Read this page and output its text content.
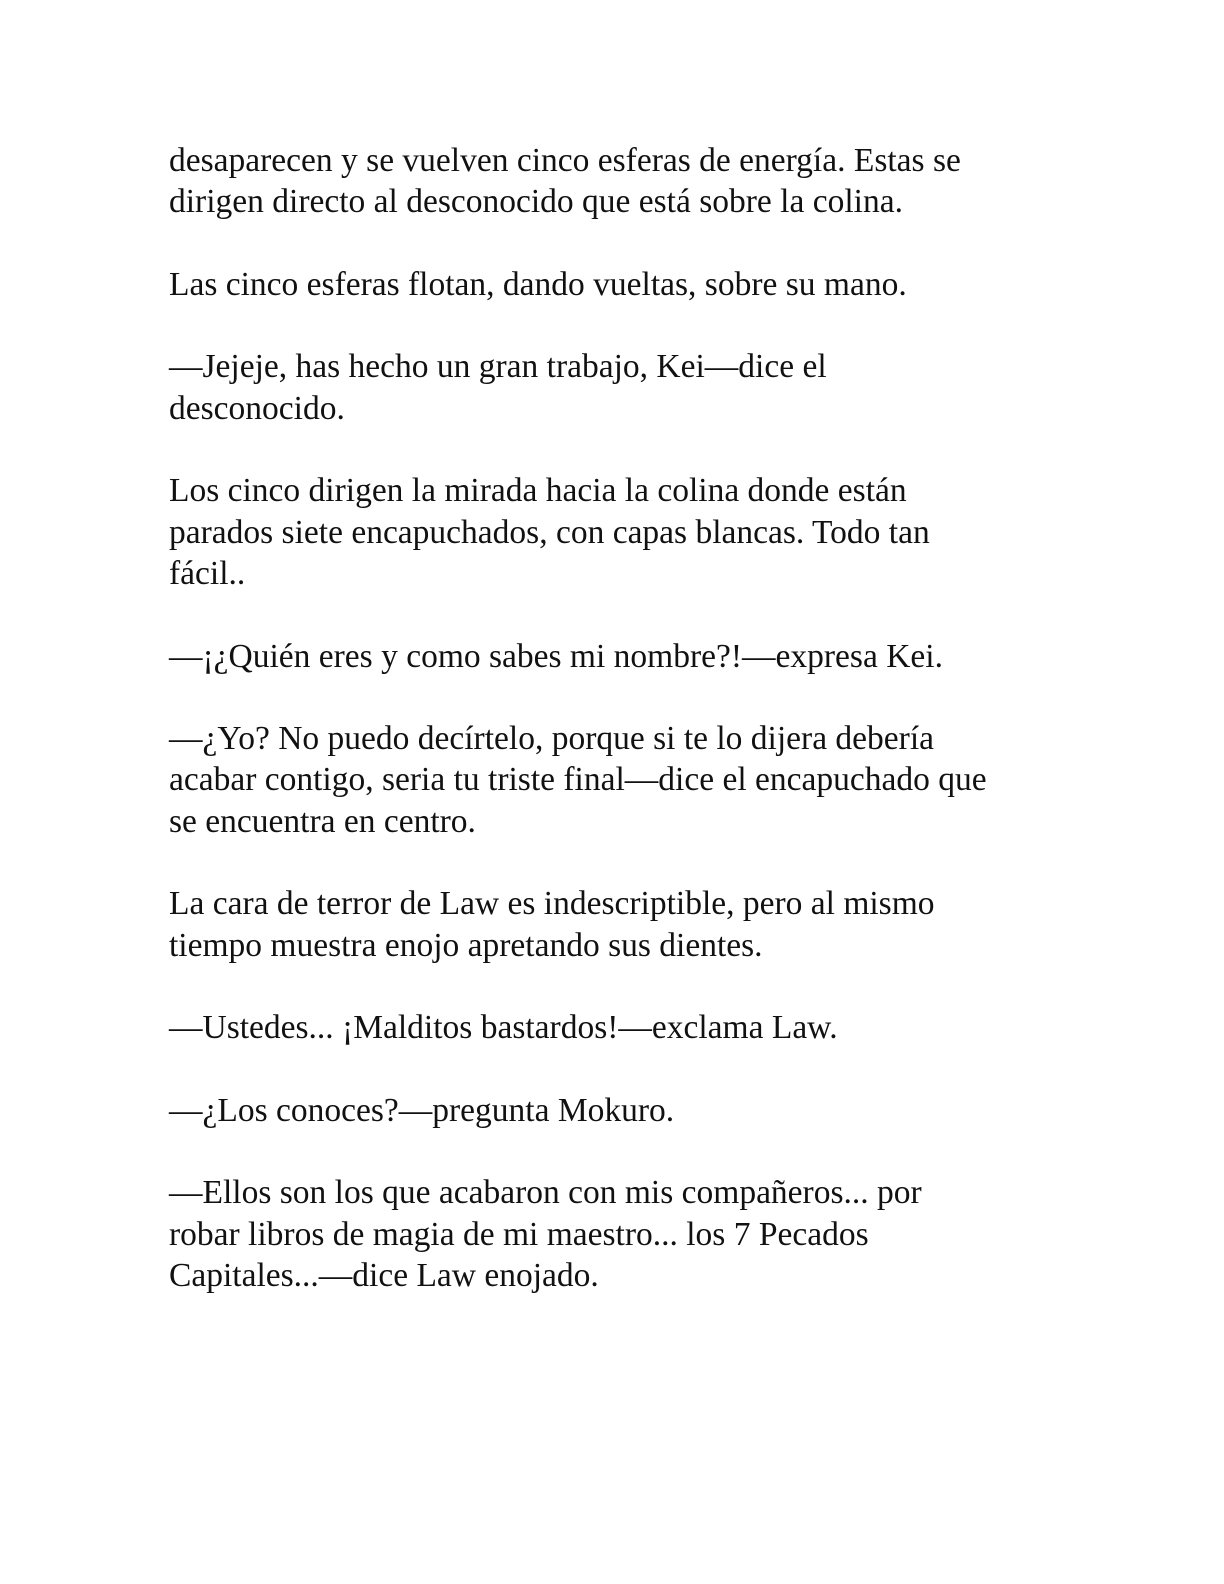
desaparecen y se vuelven cinco esferas de energía. Estas se
dirigen directo al desconocido que está sobre la colina.

Las cinco esferas flotan, dando vueltas, sobre su mano.

—Jejeje, has hecho un gran trabajo, Kei—dice el
desconocido.

Los cinco dirigen la mirada hacia la colina donde están
parados siete encapuchados, con capas blancas. Todo tan
fácil..

—¡¿Quién eres y como sabes mi nombre?!—expresa Kei.

—¿Yo? No puedo decírtelo, porque si te lo dijera debería
acabar contigo, seria tu triste final—dice el encapuchado que
se encuentra en centro.

La cara de terror de Law es indescriptible, pero al mismo
tiempo muestra enojo apretando sus dientes.

—Ustedes... ¡Malditos bastardos!—exclama Law.

—¿Los conoces?—pregunta Mokuro.

—Ellos son los que acabaron con mis compañeros... por
robar libros de magia de mi maestro... los 7 Pecados
Capitales...—dice Law enojado.
